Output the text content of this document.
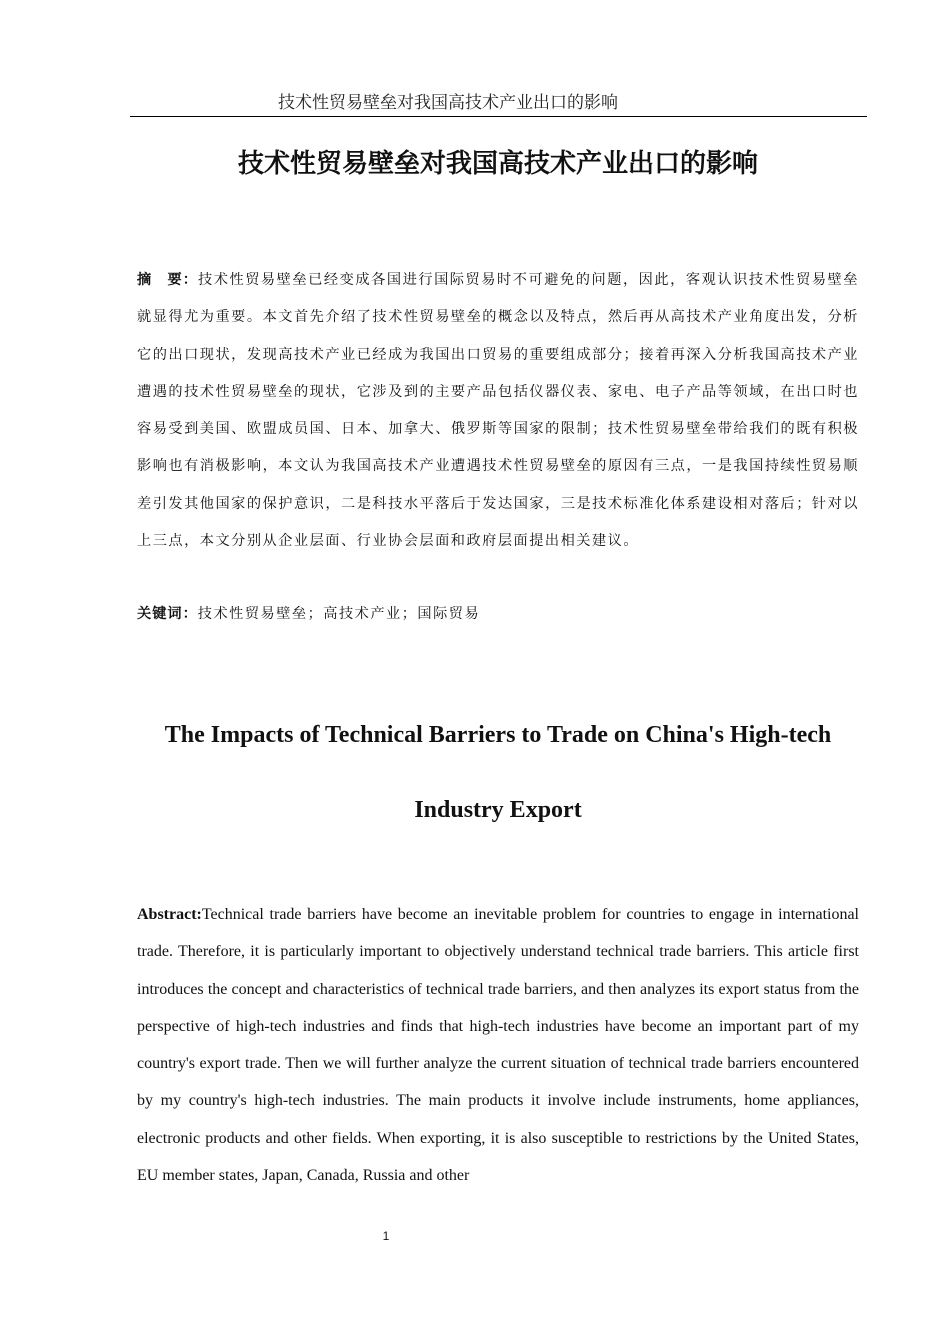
技术性贸易壁垒对我国高技术产业出口的影响
技术性贸易壁垒对我国高技术产业出口的影响
摘　要：技术性贸易壁垒已经变成各国进行国际贸易时不可避免的问题，因此，客观认识技术性贸易壁垒就显得尤为重要。本文首先介绍了技术性贸易壁垒的概念以及特点，然后再从高技术产业角度出发，分析它的出口现状，发现高技术产业已经成为我国出口贸易的重要组成部分；接着再深入分析我国高技术产业遭遇的技术性贸易壁垒的现状，它涉及到的主要产品包括仪器仪表、家电、电子产品等领域，在出口时也容易受到美国、欧盟成员国、日本、加拿大、俄罗斯等国家的限制；技术性贸易壁垒带给我们的既有积极影响也有消极影响，本文认为我国高技术产业遭遇技术性贸易壁垒的原因有三点，一是我国持续性贸易顺差引发其他国家的保护意识，二是科技水平落后于发达国家，三是技术标准化体系建设相对落后；针对以上三点，本文分别从企业层面、行业协会层面和政府层面提出相关建议。
关键词：技术性贸易壁垒；高技术产业；国际贸易
The Impacts of Technical Barriers to Trade on China's High-tech Industry Export
Abstract:Technical trade barriers have become an inevitable problem for countries to engage in international trade. Therefore, it is particularly important to objectively understand technical trade barriers. This article first introduces the concept and characteristics of technical trade barriers, and then analyzes its export status from the perspective of high-tech industries and finds that high-tech industries have become an important part of my country's export trade. Then we will further analyze the current situation of technical trade barriers encountered by my country's high-tech industries. The main products it involve include instruments, home appliances, electronic products and other fields. When exporting, it is also susceptible to restrictions by the United States, EU member states, Japan, Canada, Russia and other
1
